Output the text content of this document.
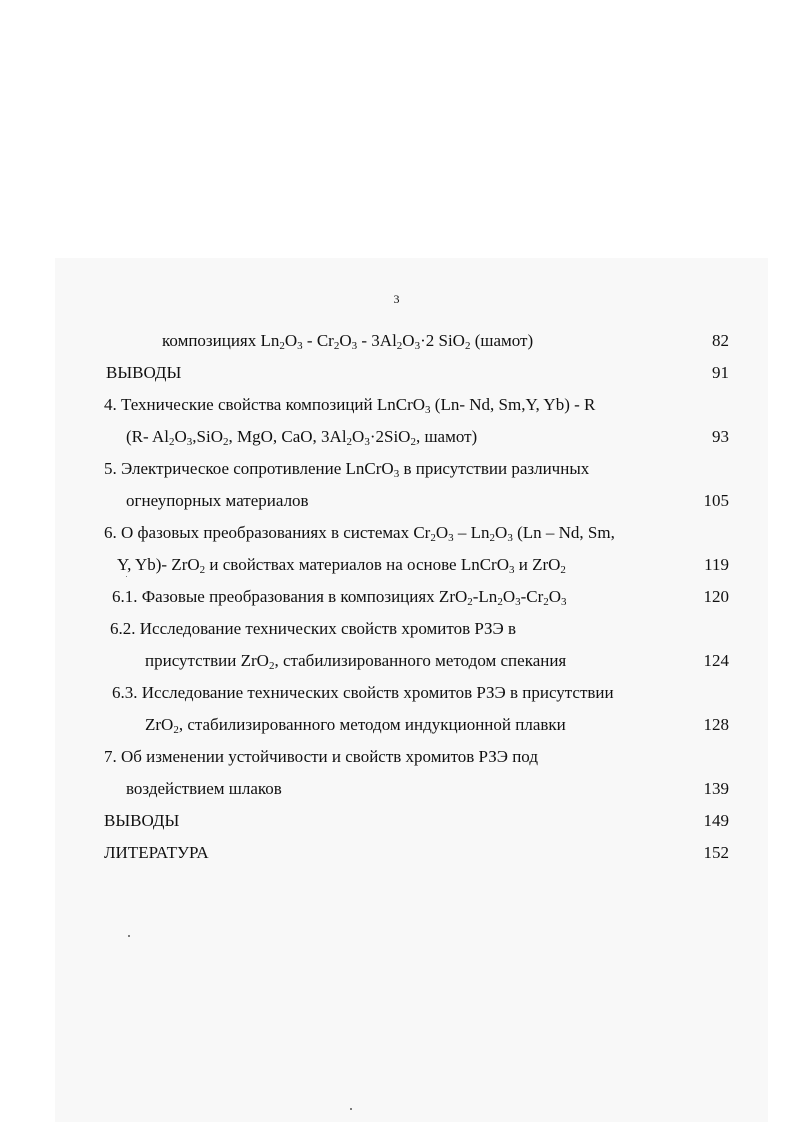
3
композициях $Ln_2O_3 - Cr_2O_3 - 3Al_2O_3\cdot 2$ SiO$_2$ (шамот)	82
ВЫВОДЫ	91
4. Технические свойства композиций LnCrO$_3$ (Ln- Nd, Sm,Y, Yb) - R
(R- $Al_2O_3,SiO_2$, MgO, CaO, $3Al_2O_3\cdot 2SiO_2$, шамот)	93
5. Электрическое сопротивление LnCrO$_3$ в присутствии различных
огнеупорных материалов	105
6. О фазовых преобразованиях в системах $Cr_2O_3 - Ln_2O_3$ (Ln – Nd, Sm,
Y, Yb)- ZrO$_2$ и свойствах материалов на основе LnCrO$_3$ и ZrO$_2$	119
6.1. Фазовые преобразования в композициях $ZrO_2-Ln_2O_3-Cr_2O_3$	120
6.2. Исследование технических свойств хромитов РЗЭ в
присутствии ZrO$_2$, стабилизированного методом спекания	124
6.3. Исследование технических свойств хромитов РЗЭ в присутствии
ZrO$_2$, стабилизированного методом индукционной плавки	128
7. Об изменении устойчивости и свойств хромитов РЗЭ под
воздействием шлаков	139
ВЫВОДЫ	149
ЛИТЕРАТУРА	152
